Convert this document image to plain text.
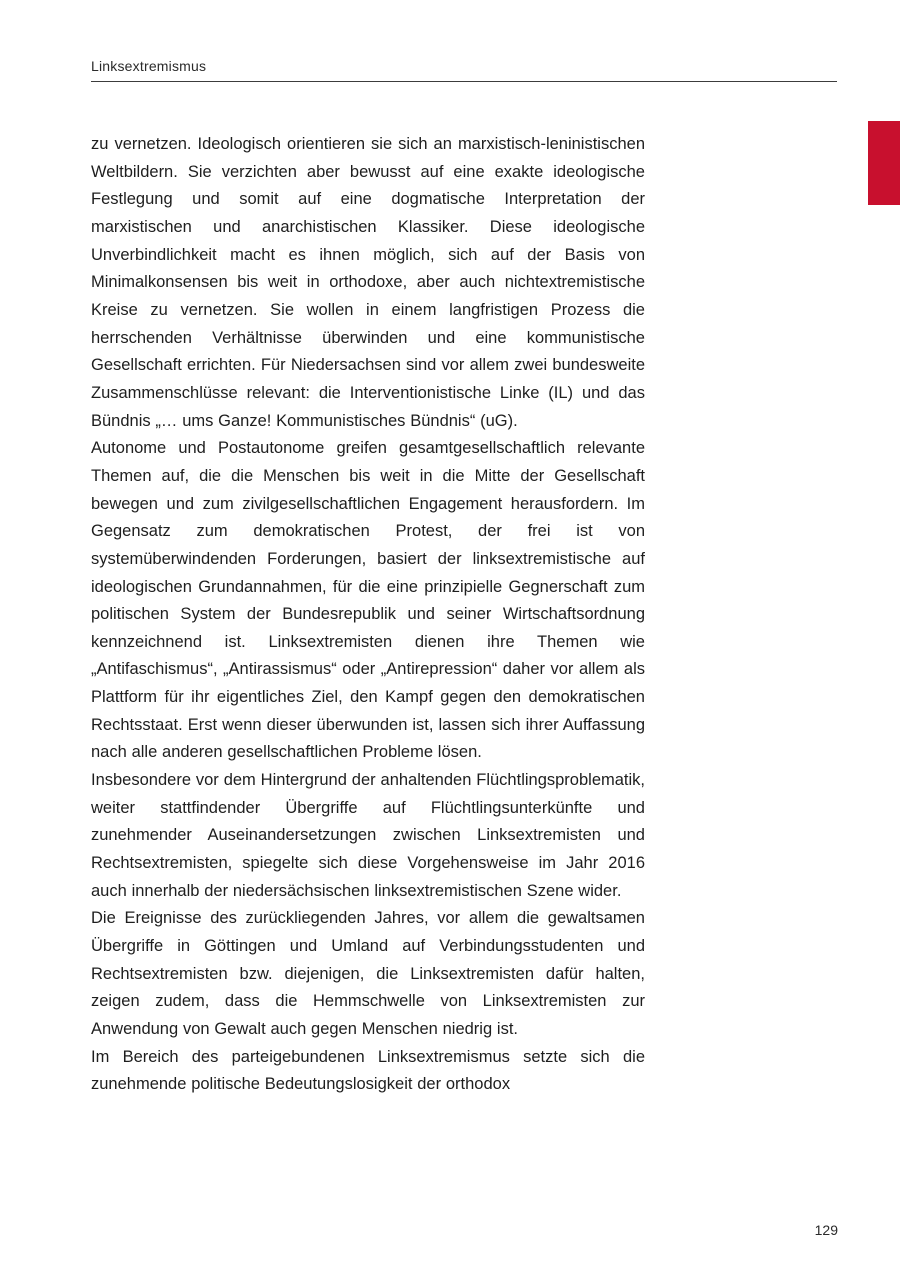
Linksextremismus

zu vernetzen. Ideologisch orientieren sie sich an marxistisch-leninistischen Weltbildern. Sie verzichten aber bewusst auf eine exakte ideologische Festlegung und somit auf eine dogmatische Interpretation der marxistischen und anarchistischen Klassiker. Diese ideologische Unverbindlichkeit macht es ihnen möglich, sich auf der Basis von Minimalkonsensen bis weit in orthodoxe, aber auch nichtextremistische Kreise zu vernetzen. Sie wollen in einem langfristigen Prozess die herrschenden Verhältnisse überwinden und eine kommunistische Gesellschaft errichten. Für Niedersachsen sind vor allem zwei bundesweite Zusammenschlüsse relevant: die Interventionistische Linke (IL) und das Bündnis „… ums Ganze! Kommunistisches Bündnis“ (uG).

Autonome und Postautonome greifen gesamtgesellschaftlich relevante Themen auf, die die Menschen bis weit in die Mitte der Gesellschaft bewegen und zum zivilgesellschaftlichen Engagement herausfordern. Im Gegensatz zum demokratischen Protest, der frei ist von systemüberwindenden Forderungen, basiert der linksextremistische auf ideologischen Grundannahmen, für die eine prinzipielle Gegnerschaft zum politischen System der Bundesrepublik und seiner Wirtschaftsordnung kennzeichnend ist. Linksextremisten dienen ihre Themen wie „Antifaschismus“, „Antirassismus“ oder „Antirepression“ daher vor allem als Plattform für ihr eigentliches Ziel, den Kampf gegen den demokratischen Rechtsstaat. Erst wenn dieser überwunden ist, lassen sich ihrer Auffassung nach alle anderen gesellschaftlichen Probleme lösen.

Insbesondere vor dem Hintergrund der anhaltenden Flüchtlingsproblematik, weiter stattfindender Übergriffe auf Flüchtlingsunterkünfte und zunehmender Auseinandersetzungen zwischen Linksextremisten und Rechtsextremisten, spiegelte sich diese Vorgehensweise im Jahr 2016 auch innerhalb der niedersächsischen linksextremistischen Szene wider.

Die Ereignisse des zurückliegenden Jahres, vor allem die gewaltsamen Übergriffe in Göttingen und Umland auf Verbindungsstudenten und Rechtsextremisten bzw. diejenigen, die Linksextremisten dafür halten, zeigen zudem, dass die Hemmschwelle von Linksextremisten zur Anwendung von Gewalt auch gegen Menschen niedrig ist.

Im Bereich des parteigebundenen Linksextremismus setzte sich die zunehmende politische Bedeutungslosigkeit der orthodox

129
